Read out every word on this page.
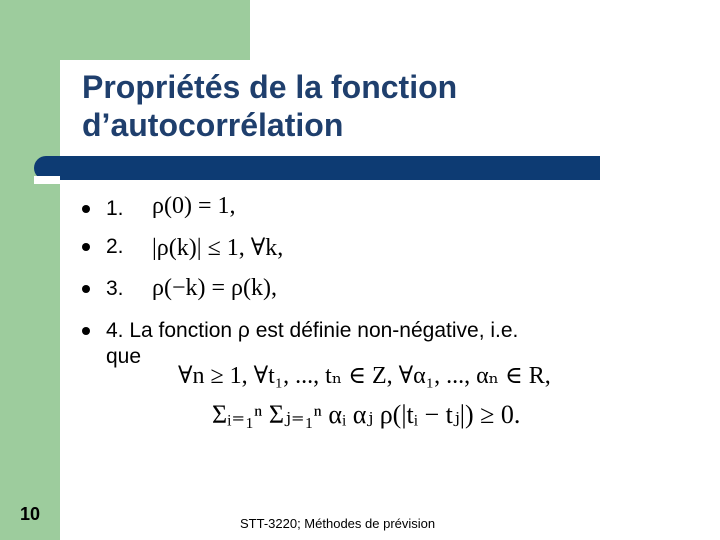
Propriétés de la fonction
d’autocorrélation
1.
2.
3.
4. La fonction ρ est définie non-négative, i.e.
que
ρ(0) = 1,
|ρ(k)| ≤ 1, ∀k,
ρ(−k) = ρ(k),
∀n ≥ 1, ∀t₁, ..., tₙ ∈ Z, ∀α₁, ..., αₙ ∈ R,
Σᵢ₌₁ⁿ Σⱼ₌₁ⁿ αᵢ αⱼ ρ(|tᵢ − tⱼ|) ≥ 0.
10	STT-3220; Méthodes de prévision
